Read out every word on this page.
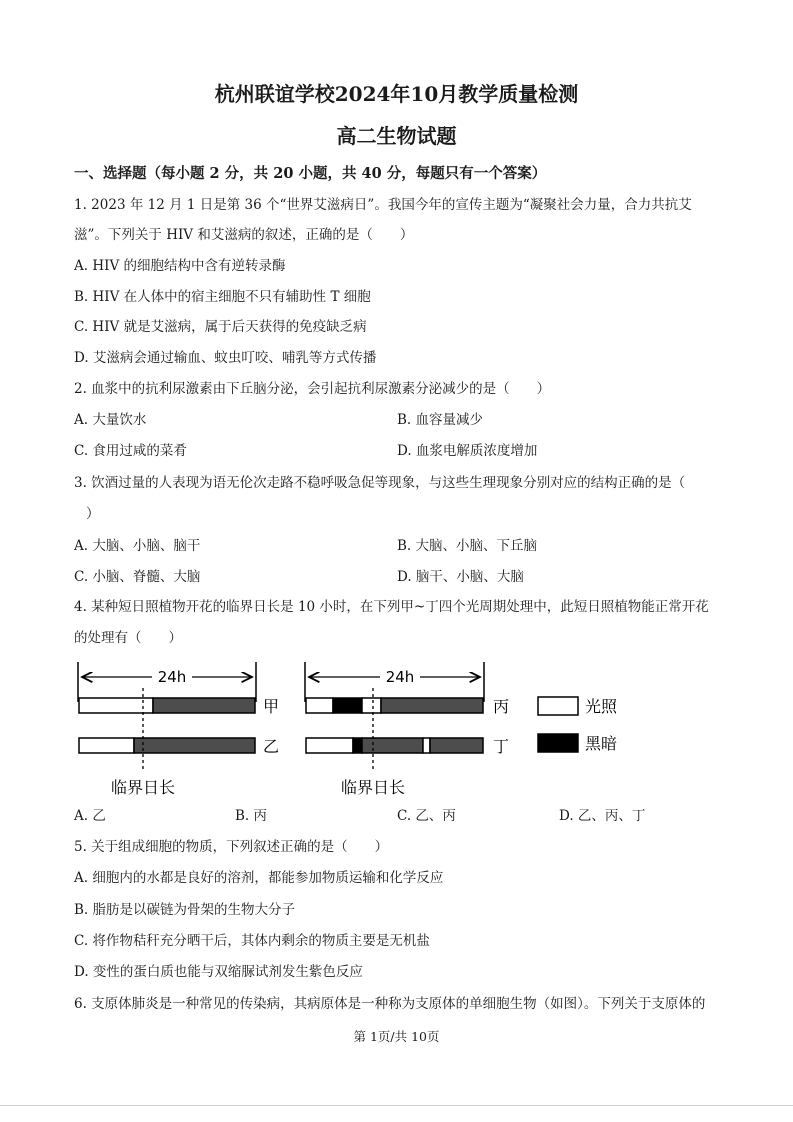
杭州联谊学校2024年10月教学质量检测
高二生物试题
一、选择题（每小题 2 分，共 20 小题，共 40 分，每题只有一个答案）
1. 2023 年 12 月 1 日是第 36 个“世界艾滋病日”。我国今年的宣传主题为“凝聚社会力量，合力共抗艾
滋”。下列关于 HIV 和艾滋病的叙述，正确的是（　　）
A. HIV 的细胞结构中含有逆转录酶
B. HIV 在人体中的宿主细胞不只有辅助性 T 细胞
C. HIV 就是艾滋病，属于后天获得的免疫缺乏病
D. 艾滋病会通过输血、蚊虫叮咬、哺乳等方式传播
2. 血浆中的抗利尿激素由下丘脑分泌，会引起抗利尿激素分泌减少的是（　　）
A. 大量饮水	B. 血容量减少
C. 食用过咸的菜肴	D. 血浆电解质浓度增加
3. 饮酒过量的人表现为语无伦次走路不稳呼吸急促等现象，与这些生理现象分别对应的结构正确的是（
）
A. 大脑、小脑、脑干	B. 大脑、小脑、下丘脑
C. 小脑、脊髓、大脑	D. 脑干、小脑、大脑
4. 某种短日照植物开花的临界日长是 10 小时，在下列甲~丁四个光周期处理中，此短日照植物能正常开花
的处理有（　　）
24h
甲
乙
临界日长
24h
丙
丁
临界日长
光照
黑暗
A. 乙	B. 丙	C. 乙、丙	D. 乙、丙、丁
5. 关于组成细胞的物质，下列叙述正确的是（　　）
A. 细胞内的水都是良好的溶剂，都能参加物质运输和化学反应
B. 脂肪是以碳链为骨架的生物大分子
C. 将作物秸秆充分晒干后，其体内剩余的物质主要是无机盐
D. 变性的蛋白质也能与双缩脲试剂发生紫色反应
6. 支原体肺炎是一种常见的传染病，其病原体是一种称为支原体的单细胞生物（如图）。下列关于支原体的
第 1页/共 10页
